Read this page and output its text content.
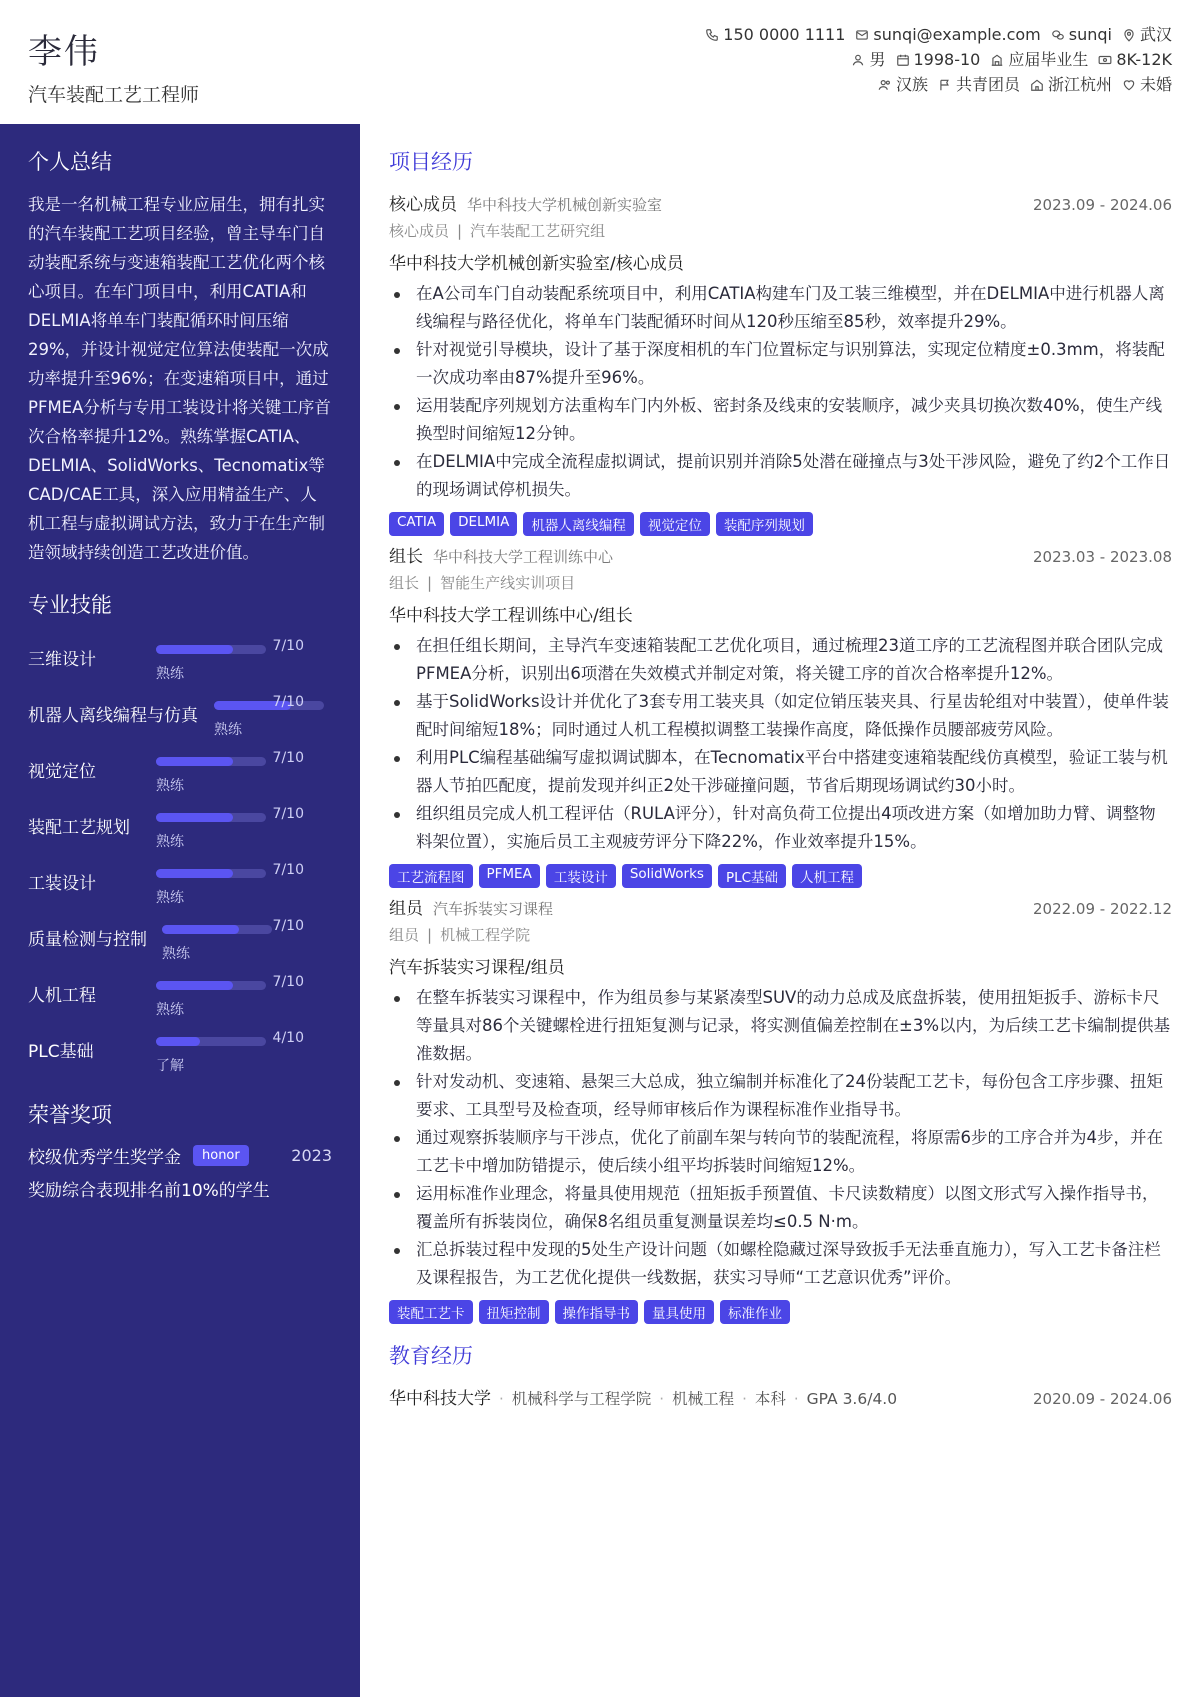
李伟
汽车装配工艺工程师
150 0000 1111 sunqi@example.com sunqi 武汉
男 1998-10 应届毕业生 8K-12K
汉族 共青团员 浙江杭州 未婚
个人总结
我是一名机械工程专业应届生，拥有扎实的汽车装配工艺项目经验，曾主导车门自动装配系统与变速箱装配工艺优化两个核心项目。在车门项目中，利用CATIA和DELMIA将单车门装配循环时间压缩29%，并设计视觉定位算法使装配一次成功率提升至96%；在变速箱项目中，通过PFMEA分析与专用工装设计将关键工序首次合格率提升12%。熟练掌握CATIA、DELMIA、SolidWorks、Tecnomatix等CAD/CAE工具，深入应用精益生产、人机工程与虚拟调试方法，致力于在生产制造领域持续创造工艺改进价值。
专业技能
三维设计
7/10
熟练
机器人离线编程与仿真
7/10
熟练
视觉定位
7/10
熟练
装配工艺规划
7/10
熟练
工装设计
7/10
熟练
质量检测与控制
7/10
熟练
人机工程
7/10
熟练
PLC基础
4/10
了解
荣誉奖项
校级优秀学生奖学金	honor	2023
奖励综合表现排名前10%的学生
项目经历
核心成员 华中科技大学机械创新实验室	2023.09 - 2024.06
核心成员 | 汽车装配工艺研究组
华中科技大学机械创新实验室/核心成员
在A公司车门自动装配系统项目中，利用CATIA构建车门及工装三维模型，并在DELMIA中进行机器人离线编程与路径优化，将单车门装配循环时间从120秒压缩至85秒，效率提升29%。
针对视觉引导模块，设计了基于深度相机的车门位置标定与识别算法，实现定位精度±0.3mm，将装配一次成功率由87%提升至96%。
运用装配序列规划方法重构车门内外板、密封条及线束的安装顺序，减少夹具切换次数40%，使生产线换型时间缩短12分钟。
在DELMIA中完成全流程虚拟调试，提前识别并消除5处潜在碰撞点与3处干涉风险，避免了约2个工作日的现场调试停机损失。
CATIA	DELMIA	机器人离线编程	视觉定位	装配序列规划
组长 华中科技大学工程训练中心	2023.03 - 2023.08
组长 | 智能生产线实训项目
华中科技大学工程训练中心/组长
在担任组长期间，主导汽车变速箱装配工艺优化项目，通过梳理23道工序的工艺流程图并联合团队完成PFMEA分析，识别出6项潜在失效模式并制定对策，将关键工序的首次合格率提升12%。
基于SolidWorks设计并优化了3套专用工装夹具（如定位销压装夹具、行星齿轮组对中装置），使单件装配时间缩短18%；同时通过人机工程模拟调整工装操作高度，降低操作员腰部疲劳风险。
利用PLC编程基础编写虚拟调试脚本，在Tecnomatix平台中搭建变速箱装配线仿真模型，验证工装与机器人节拍匹配度，提前发现并纠正2处干涉碰撞问题，节省后期现场调试约30小时。
组织组员完成人机工程评估（RULA评分），针对高负荷工位提出4项改进方案（如增加助力臂、调整物料架位置），实施后员工主观疲劳评分下降22%，作业效率提升15%。
工艺流程图	PFMEA	工装设计	SolidWorks	PLC基础	人机工程
组员 汽车拆装实习课程	2022.09 - 2022.12
组员 | 机械工程学院
汽车拆装实习课程/组员
在整车拆装实习课程中，作为组员参与某紧凑型SUV的动力总成及底盘拆装，使用扭矩扳手、游标卡尺等量具对86个关键螺栓进行扭矩复测与记录，将实测值偏差控制在±3%以内，为后续工艺卡编制提供基准数据。
针对发动机、变速箱、悬架三大总成，独立编制并标准化了24份装配工艺卡，每份包含工序步骤、扭矩要求、工具型号及检查项，经导师审核后作为课程标准作业指导书。
通过观察拆装顺序与干涉点，优化了前副车架与转向节的装配流程，将原需6步的工序合并为4步，并在工艺卡中增加防错提示，使后续小组平均拆装时间缩短12%。
运用标准作业理念，将量具使用规范（扭矩扳手预置值、卡尺读数精度）以图文形式写入操作指导书，覆盖所有拆装岗位，确保8名组员重复测量误差均≤0.5 N·m。
汇总拆装过程中发现的5处生产设计问题（如螺栓隐藏过深导致扳手无法垂直施力），写入工艺卡备注栏及课程报告，为工艺优化提供一线数据，获实习导师“工艺意识优秀”评价。
装配工艺卡	扭矩控制	操作指导书	量具使用	标准作业
教育经历
华中科技大学 · 机械科学与工程学院 · 机械工程 · 本科 · GPA 3.6/4.0	2020.09 - 2024.06
